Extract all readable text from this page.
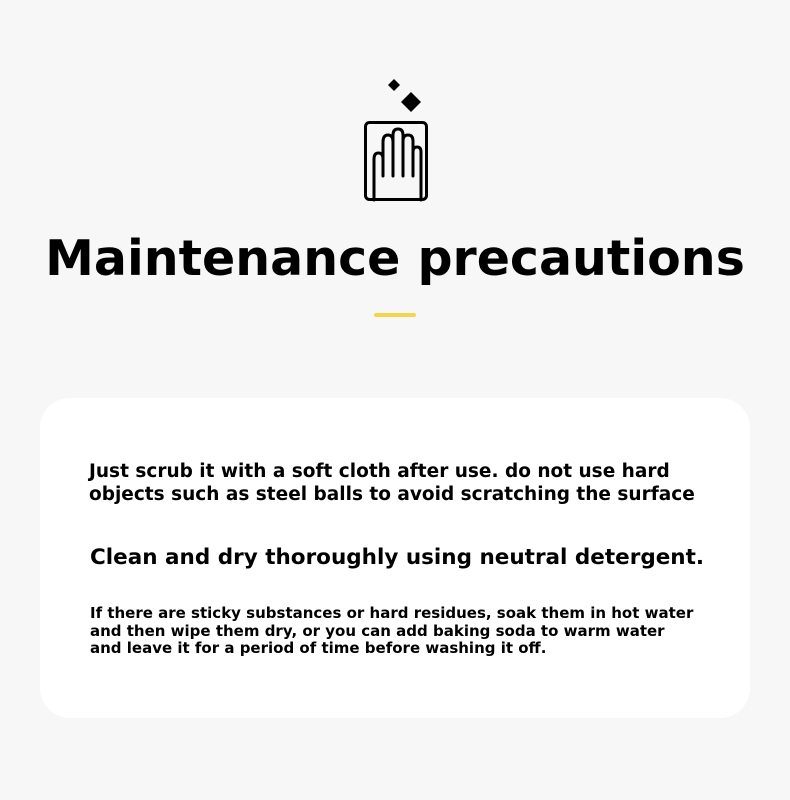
Maintenance precautions

Just scrub it with a soft cloth after use. do not use hard objects such as steel balls to avoid scratching the surface

Clean and dry thoroughly using neutral detergent.

If there are sticky substances or hard residues, soak them in hot water and then wipe them dry, or you can add baking soda to warm water and leave it for a period of time before washing it off.
